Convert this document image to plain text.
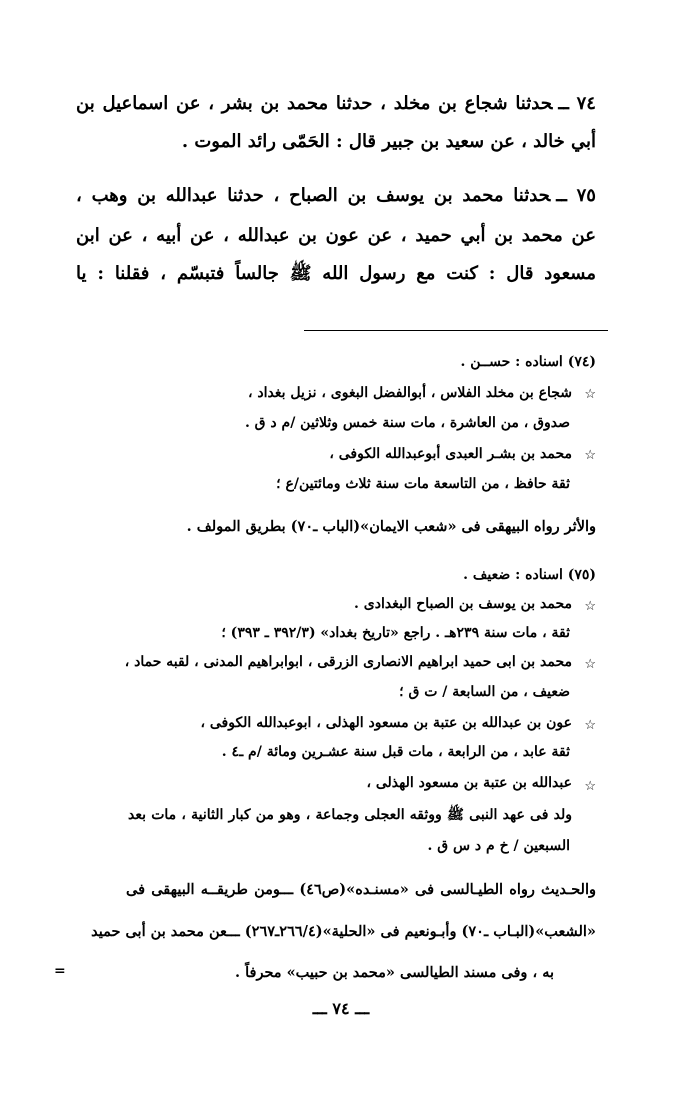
٧٤ ــحدثنا شجاع بن مخلد ، حدثنا محمد بن بشر ، عن اسماعيل بن
أبي خالد ، عن سعيد بن جبير قال : الحَمّى رائد الموت .
٧٥ ــحدثنا محمد بن يوسف بن الصباح ، حدثنا عبدالله بن وهب ،
عن محمد بن أبي حميد ، عن عون بن عبدالله ، عن أبيه ، عن ابن
مسعود قال : كنت مع رسول الله ﷺ جالساً فتبسّم ، فقلنا : يا
(٧٤) اسناده : حســن .
☆
شجاع بن مخلد الفلاس ، أبوالفضل البغوى ، نزيل بغداد ،
صدوق ، من العاشرة ، مات سنة خمس وثلاثين /م د ق .
☆
محمد بن بشـر العبدى أبوعبدالله الكوفى ،
ثقة حافظ ، من التاسعة مات سنة ثلاث ومائتين/ع ؛
والأثر رواه البيهقى فى «شعب الايمان»(الباب ـ٧٠) بطريق المولف .
(٧٥) اسناده : ضعيف .
☆
محمد بن يوسف بن الصباح البغدادى .
ثقة ، مات سنة ٢٣٩هـ . راجع «تاريخ بغداد» (٣٩٢/٣ ـ ٣٩٣) ؛
☆
محمد بن ابى حميد ابراهيم الانصارى الزرقى ، ابوابراهيم المدنى ، لقبه حماد ،
ضعيف ، من السابعة / ت ق ؛
☆
عون بن عبدالله بن عتبة بن مسعود الهذلى ، ابوعبدالله الكوفى ،
ثقة عابد ، من الرابعة ، مات قبل سنة عشـرين ومائة /م ـ٤ .
☆
عبدالله بن عتبة بن مسعود الهذلى ،
ولد فى عهد النبى ﷺ ووثقه العجلى وجماعة ، وهو من كبار الثانية ، مات بعد
السبعين / خ م د س ق .
والحـديث رواه الطيـالسى فى «مسنـده»(ص٤٦) ـــومن طريقــه البيهقى فى
«الشعب»(البـاب ـ٧٠) وأبـونعيم فى «الحلية»(٢٦٦/٤ـ٢٦٧) ـــعن محمد بن أبى حميد
به ، وفى مسند الطيالسى «محمد بن حبيب» محرفاً .
=
ـــ ٧٤ ـــ
